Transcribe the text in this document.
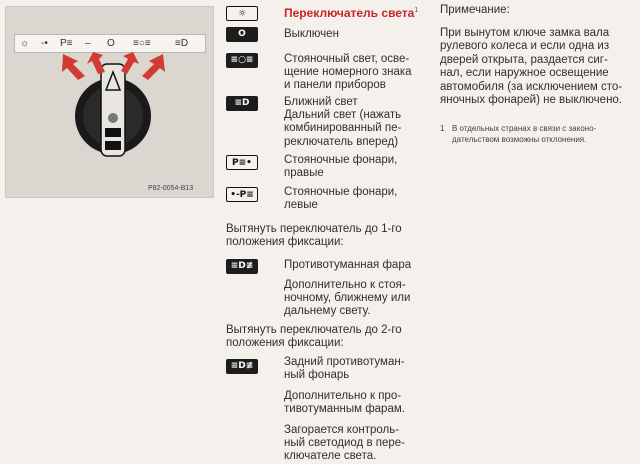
☼ -• P≡ – O ≡○≡ ≡D
P82-0054-B13
☼	Переключатель света$^1$
O	Выключен
≡○≡	Стояночный свет, осве-
щение номерного знака
и панели приборов
≡D	Ближний свет
Дальний свет (нажать
комбинированный пе-
реключатель вперед)
P≡•	Стояночные фонари,
правые
•-P≡	Стояночные фонари,
левые
Вытянуть переключатель до 1-го
положения фиксации:
≡D≢	Противотуманная фара
Дополнительно к стоя-
ночному, ближнему или
дальнему свету.
Вытянуть переключатель до 2-го
положения фиксации:
≡D≢	Задний противотуман-
ный фонарь
Дополнительно к про-
тивотуманным фарам.
Загорается контроль-
ный светодиод в пере-
ключателе света.
Примечание:
При вынутом ключе замка вала
рулевого колеса и если одна из
дверей открыта, раздается сиг-
нал, если наружное освещение
автомобиля (за исключением сто-
яночных фонарей) не выключено.
1 В отдельных странах в связи с законо-
дательством возможны отклонения.
